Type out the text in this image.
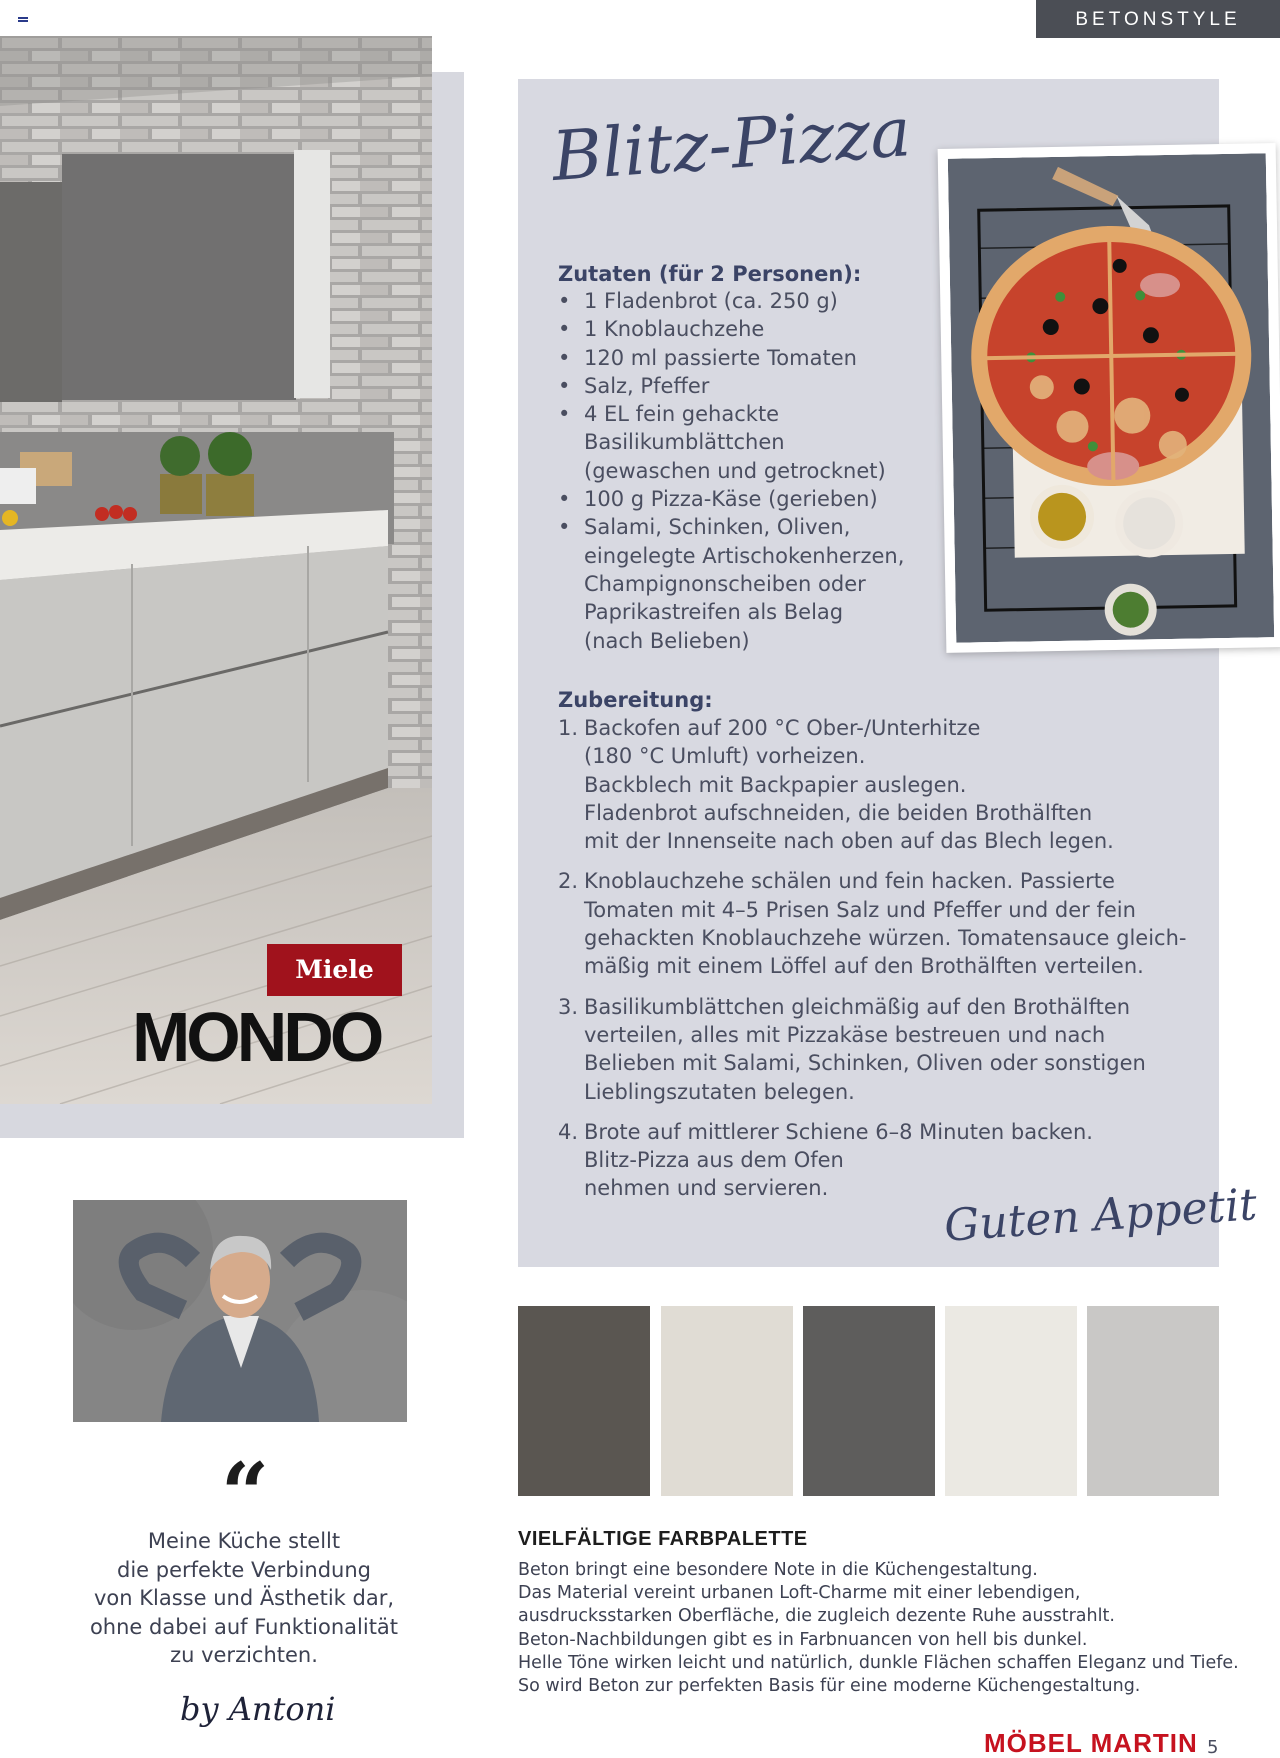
BETONSTYLE
Miele
MONDO
“
Meine Küche stellt
die perfekte Verbindung
von Klasse und Ästhetik dar,
ohne dabei auf Funktionalität
zu verzichten.
by Antoni
Blitz-Pizza
Zutaten (für 2 Personen):
• 1 Fladenbrot (ca. 250 g)
• 1 Knoblauchzehe
• 120 ml passierte Tomaten
• Salz, Pfeffer
• 4 EL fein gehackte
Basilikumblättchen
(gewaschen und getrocknet)
• 100 g Pizza-Käse (gerieben)
• Salami, Schinken, Oliven,
eingelegte Artischokenherzen,
Champignonscheiben oder
Paprikastreifen als Belag
(nach Belieben)
Zubereitung:
1. Backofen auf 200 °C Ober-/Unterhitze
(180 °C Umluft) vorheizen.
Backblech mit Backpapier auslegen.
Fladenbrot aufschneiden, die beiden Brothälften
mit der Innenseite nach oben auf das Blech legen.
2. Knoblauchzehe schälen und fein hacken. Passierte
Tomaten mit 4–5 Prisen Salz und Pfeffer und der fein
gehackten Knoblauchzehe würzen. Tomatensauce gleich-
mäßig mit einem Löffel auf den Brothälften verteilen.
3. Basilikumblättchen gleichmäßig auf den Brothälften
verteilen, alles mit Pizzakäse bestreuen und nach
Belieben mit Salami, Schinken, Oliven oder sonstigen
Lieblingszutaten belegen.
4. Brote auf mittlerer Schiene 6–8 Minuten backen.
Blitz-Pizza aus dem Ofen
nehmen und servieren.	Guten Appetit
VIELFÄLTIGE FARBPALETTE
Beton bringt eine besondere Note in die Küchengestaltung.
Das Material vereint urbanen Loft-Charme mit einer lebendigen,
ausdrucksstarken Oberfläche, die zugleich dezente Ruhe ausstrahlt.
Beton-Nachbildungen gibt es in Farbnuancen von hell bis dunkel.
Helle Töne wirken leicht und natürlich, dunkle Flächen schaffen Eleganz und Tiefe.
So wird Beton zur perfekten Basis für eine moderne Küchengestaltung.
MÖBEL MARTIN 5
